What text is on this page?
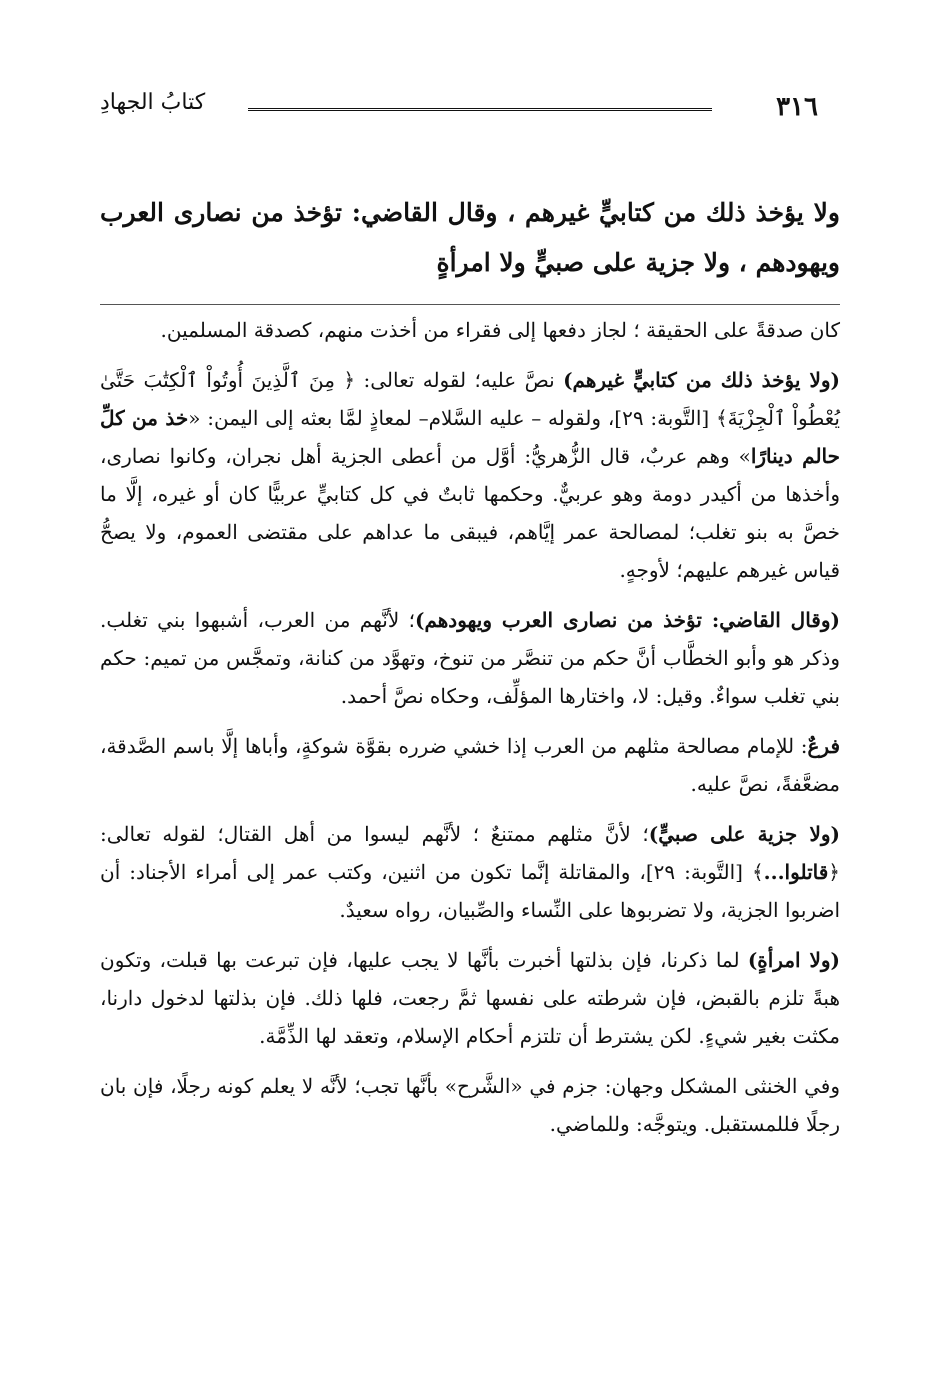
٣١٦
كتابُ الجهادِ
ولا يؤخذ ذلك من كتابيٍّ غيرهم ، وقال القاضي: تؤخذ من نصارى العرب ويهودهم ، ولا جزية على صبيٍّ ولا امرأةٍ

كان صدقةً على الحقيقة ؛ لجاز دفعها إلى فقراء من أخذت منهم، كصدقة المسلمين.

(ولا يؤخذ ذلك من كتابيٍّ غيرهم) نصَّ عليه؛ لقوله تعالى: ﴿ مِنَ ٱلَّذِينَ أُوتُواْ ٱلْكِتَٰبَ حَتَّىٰ يُعْطُواْ ٱلْجِزْيَةَ﴾ [التَّوبة: ٢٩]، ولقوله – عليه السَّلام– لمعاذٍ لمَّا بعثه إلى اليمن: «خذ من كلِّ حالم دينارًا» وهم عربٌ، قال الزُّهريُّ: أوَّل من أعطى الجزية أهل نجران، وكانوا نصارى، وأخذها من أكيدر دومة وهو عربيٌّ. وحكمها ثابتٌ في كل كتابيٍّ عربيًّا كان أو غيره، إلَّا ما خصَّ به بنو تغلب؛ لمصالحة عمر إيَّاهم، فيبقى ما عداهم على مقتضى العموم، ولا يصحُّ قياس غيرهم عليهم؛ لأوجهٍ.

(وقال القاضي: تؤخذ من نصارى العرب ويهودهم)؛ لأنَّهم من العرب، أشبهوا بني تغلب. وذكر هو وأبو الخطَّاب أنَّ حكم من تنصَّر من تنوخ، وتهوَّد من كنانة، وتمجَّس من تميم: حكم بني تغلب سواءٌ. وقيل: لا، واختارها المؤلِّف، وحكاه نصَّ أحمد.

فرعٌ: للإمام مصالحة مثلهم من العرب إذا خشي ضرره بقوَّة شوكةٍ، وأباها إلَّا باسم الصَّدقة، مضعَّفةً، نصَّ عليه.

(ولا جزية على صبيٍّ)؛ لأنَّ مثلهم ممتنعٌ ؛ لأنَّهم ليسوا من أهل القتال؛ لقوله تعالى: ﴿قاتلوا...﴾ [التَّوبة: ٢٩]، والمقاتلة إنَّما تكون من اثنين، وكتب عمر إلى أمراء الأجناد: أن اضربوا الجزية، ولا تضربوها على النِّساء والصِّبيان، رواه سعيدٌ.

(ولا امرأةٍ) لما ذكرنا، فإن بذلتها أخبرت بأنَّها لا يجب عليها، فإن تبرعت بها قبلت، وتكون هبةً تلزم بالقبض، فإن شرطته على نفسها ثمَّ رجعت، فلها ذلك. فإن بذلتها لدخول دارنا، مكثت بغير شيءٍ. لكن يشترط أن تلتزم أحكام الإسلام، وتعقد لها الذِّمَّة.

وفي الخنثى المشكل وجهان: جزم في «الشَّرح» بأنَّها تجب؛ لأنَّه لا يعلم كونه رجلًا، فإن بان رجلًا فللمستقبل. ويتوجَّه: وللماضي.
